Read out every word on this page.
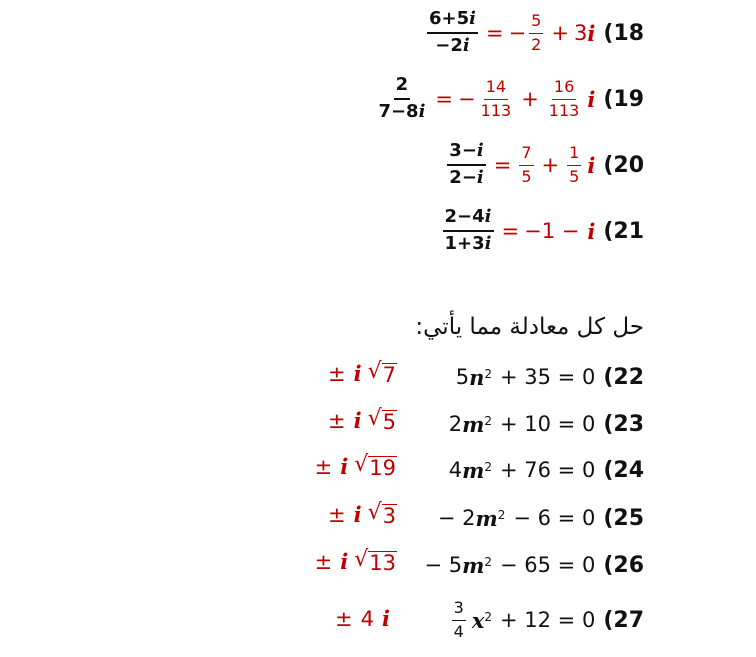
$\frac{6+5i}{-2i}$ = − $\frac{5}{2} + 3$ i (18
$\frac{2}{7-8i}$ = − $\frac{14}{113} + \frac{16}{113}$ i (19
$\frac{3-i}{2-i} = \frac{7}{5} + \frac{1}{5}$ i (20
$\frac{2-4i}{1+3i} = -1 - i$ (21
حل كل معادلة مما يأتي:
5 $n^2 + 35 = 0$ (22
± i √ 7
2 $m^2 + 10 = 0$ (23
± i √ 5
4 $m^2 + 76 = 0$ (24
± i √ 19
− 2 $m^2 - 6 = 0$ (25
± i √ 3
− 5 $m^2 - 65 = 0$ (26
± i √ 13
$\frac{3}{4} x^2 + 12 = 0$ (27
± 4 i
